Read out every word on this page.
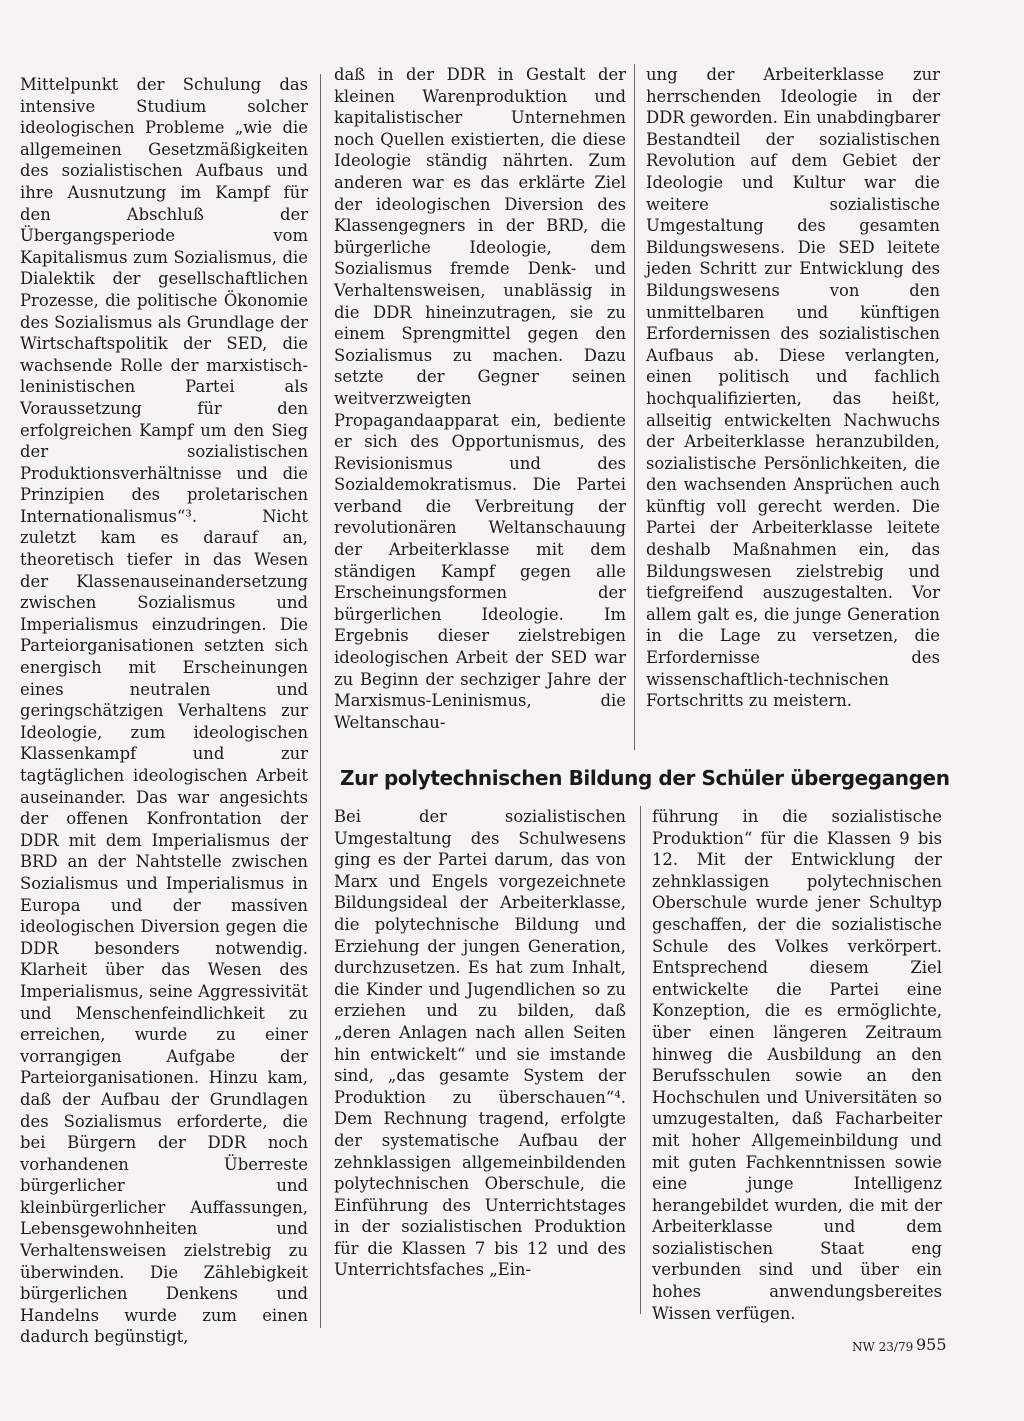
Mittelpunkt der Schulung das intensive Studium solcher ideologischen Probleme „wie die allgemeinen Gesetzmäßigkeiten des sozialistischen Aufbaus und ihre Ausnutzung im Kampf für den Abschluß der Übergangsperiode vom Kapitalismus zum Sozialismus, die Dialektik der gesellschaftlichen Prozesse, die politische Ökonomie des Sozialismus als Grundlage der Wirtschaftspolitik der SED, die wachsende Rolle der marxistisch-leninistischen Partei als Voraussetzung für den erfolgreichen Kampf um den Sieg der sozialistischen Produktionsverhältnisse und die Prinzipien des proletarischen Internationalismus“³. Nicht zuletzt kam es darauf an, theoretisch tiefer in das Wesen der Klassenauseinandersetzung zwischen Sozialismus und Imperialismus einzudringen. Die Parteiorganisationen setzten sich energisch mit Erscheinungen eines neutralen und geringschätzigen Verhaltens zur Ideologie, zum ideologischen Klassenkampf und zur tagtäglichen ideologischen Arbeit auseinander. Das war angesichts der offenen Konfrontation der DDR mit dem Imperialismus der BRD an der Nahtstelle zwischen Sozialismus und Imperialismus in Europa und der massiven ideologischen Diversion gegen die DDR besonders notwendig. Klarheit über das Wesen des Imperialismus, seine Aggressivität und Menschenfeindlichkeit zu erreichen, wurde zu einer vorrangigen Aufgabe der Parteiorganisationen. Hinzu kam, daß der Aufbau der Grundlagen des Sozialismus erforderte, die bei Bürgern der DDR noch vorhandenen Überreste bürgerlicher und kleinbürgerlicher Auffassungen, Lebensgewohnheiten und Verhaltensweisen zielstrebig zu überwinden. Die Zählebigkeit bürgerlichen Denkens und Handelns wurde zum einen dadurch begünstigt,

daß in der DDR in Gestalt der kleinen Warenproduktion und kapitalistischer Unternehmen noch Quellen existierten, die diese Ideologie ständig nährten. Zum anderen war es das erklärte Ziel der ideologischen Diversion des Klassengegners in der BRD, die bürgerliche Ideologie, dem Sozialismus fremde Denk- und Verhaltensweisen, unablässig in die DDR hineinzutragen, sie zu einem Sprengmittel gegen den Sozialismus zu machen. Dazu setzte der Gegner seinen weitverzweigten Propagandaapparat ein, bediente er sich des Opportunismus, des Revisionismus und des Sozialdemokratismus. Die Partei verband die Verbreitung der revolutionären Weltanschauung der Arbeiterklasse mit dem ständigen Kampf gegen alle Erscheinungsformen der bürgerlichen Ideologie. Im Ergebnis dieser zielstrebigen ideologischen Arbeit der SED war zu Beginn der sechziger Jahre der Marxismus-Leninismus, die Weltanschau-

ung der Arbeiterklasse zur herrschenden Ideologie in der DDR geworden. Ein unabdingbarer Bestandteil der sozialistischen Revolution auf dem Gebiet der Ideologie und Kultur war die weitere sozialistische Umgestaltung des gesamten Bildungswesens. Die SED leitete jeden Schritt zur Entwicklung des Bildungswesens von den unmittelbaren und künftigen Erfordernissen des sozialistischen Aufbaus ab. Diese verlangten, einen politisch und fachlich hochqualifizierten, das heißt, allseitig entwickelten Nachwuchs der Arbeiterklasse heranzubilden, sozialistische Persönlichkeiten, die den wachsenden Ansprüchen auch künftig voll gerecht werden. Die Partei der Arbeiterklasse leitete deshalb Maßnahmen ein, das Bildungswesen zielstrebig und tiefgreifend auszugestalten. Vor allem galt es, die junge Generation in die Lage zu versetzen, die Erfordernisse des wissenschaftlich-technischen Fortschritts zu meistern.

Zur polytechnischen Bildung der Schüler übergegangen

Bei der sozialistischen Umgestaltung des Schulwesens ging es der Partei darum, das von Marx und Engels vorgezeichnete Bildungsideal der Arbeiterklasse, die polytechnische Bildung und Erziehung der jungen Generation, durchzusetzen. Es hat zum Inhalt, die Kinder und Jugendlichen so zu erziehen und zu bilden, daß „deren Anlagen nach allen Seiten hin entwickelt“ und sie imstande sind, „das gesamte System der Produktion zu überschauen“⁴. Dem Rechnung tragend, erfolgte der systematische Aufbau der zehnklassigen allgemeinbildenden polytechnischen Oberschule, die Einführung des Unterrichtstages in der sozialistischen Produktion für die Klassen 7 bis 12 und des Unterrichtsfaches „Ein-

führung in die sozialistische Produktion“ für die Klassen 9 bis 12. Mit der Entwicklung der zehnklassigen polytechnischen Oberschule wurde jener Schultyp geschaffen, der die sozialistische Schule des Volkes verkörpert. Entsprechend diesem Ziel entwickelte die Partei eine Konzeption, die es ermöglichte, über einen längeren Zeitraum hinweg die Ausbildung an den Berufsschulen sowie an den Hochschulen und Universitäten so umzugestalten, daß Facharbeiter mit hoher Allgemeinbildung und mit guten Fachkenntnissen sowie eine junge Intelligenz herangebildet wurden, die mit der Arbeiterklasse und dem sozialistischen Staat eng verbunden sind und über ein hohes anwendungsbereites Wissen verfügen.

NW 23/79 955
